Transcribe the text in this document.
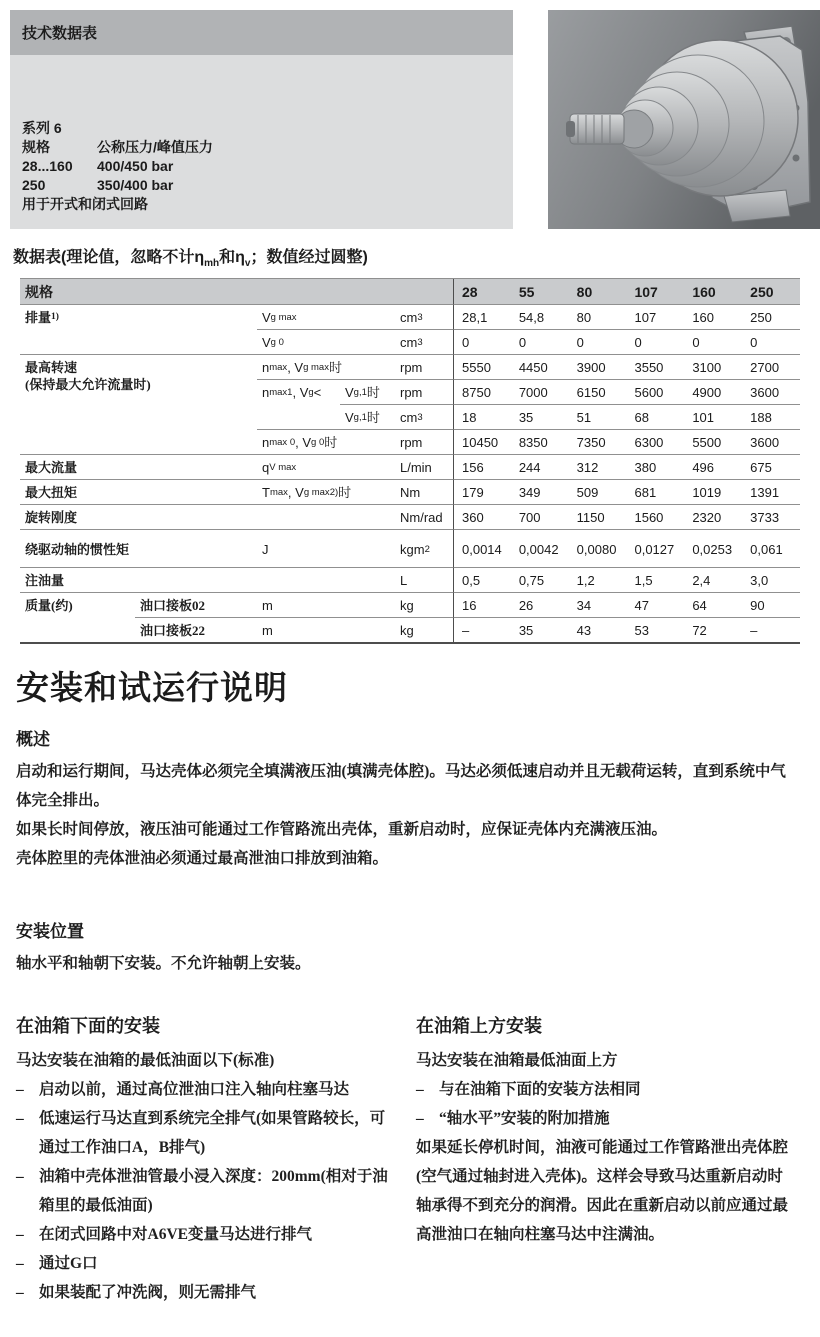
技术数据表
系列 6
规格	公称压力/峰值压力
28...160	400/450 bar
250	350/400 bar
用于开式和闭式回路
数据表(理论值，忽略不计$\eta_{mh}$和$\eta_v$；数值经过圆整)
规格	28	55	80	107	160	250
排量 1)	V g max	cm 3	28,1	54,8	80	107	160	250
V g 0	cm 3	0	0	0	0	0	0
最高转速
(保持最大允许流量时)
n max , V g max 时	rpm	5550	4450	3900	3550	3100	2700
n max1 , V g <	V g,1 时	rpm	8750	7000	6150	5600	4900	3600
V g,1 时	cm 3	18	35	51	68	101	188
n max 0 , V g 0 时	rpm	10450	8350	7350	6300	5500	3600
最大流量	q V max	L/min	156	244	312	380	496	675
最大扭矩	T max , V g max 2) 时	Nm	179	349	509	681	1019	1391
旋转刚度	Nm/rad	360	700	1150	1560	2320	3733
绕驱动轴的惯性矩	J	kgm 2	0,0014	0,0042	0,0080	0,0127	0,0253	0,061
注油量	L	0,5	0,75	1,2	1,5	2,4	3,0
质量(约)	油口接板02	m	kg	16	26	34	47	64	90
油口接板22	m	kg	–	35	43	53	72	–
安装和试运行说明
概述

启动和运行期间，马达壳体必须完全填满液压油(填满壳体腔)。马达必须低速启动并且无载荷运转，直到系统中气体完全排出。

如果长时间停放，液压油可能通过工作管路流出壳体，重新启动时，应保证壳体内充满液压油。

壳体腔里的壳体泄油必须通过最高泄油口排放到油箱。

安装位置

轴水平和轴朝下安装。不允许轴朝上安装。

在油箱下面的安装

马达安装在油箱的最低油面以下(标准)

– 启动以前，通过高位泄油口注入轴向柱塞马达
– 低速运行马达直到系统完全排气(如果管路较长，可通过工作油口A，B排气)
– 油箱中壳体泄油管最小浸入深度：200mm(相对于油箱里的最低油面)
– 在闭式回路中对A6VE变量马达进行排气
– 通过G口
– 如果装配了冲洗阀，则无需排气
在油箱上方安装

马达安装在油箱最低油面上方

– 与在油箱下面的安装方法相同
– “轴水平”安装的附加措施

如果延长停机时间，油液可能通过工作管路泄出壳体腔(空气通过轴封进入壳体)。这样会导致马达重新启动时轴承得不到充分的润滑。因此在重新启动以前应通过最高泄油口在轴向柱塞马达中注满油。
